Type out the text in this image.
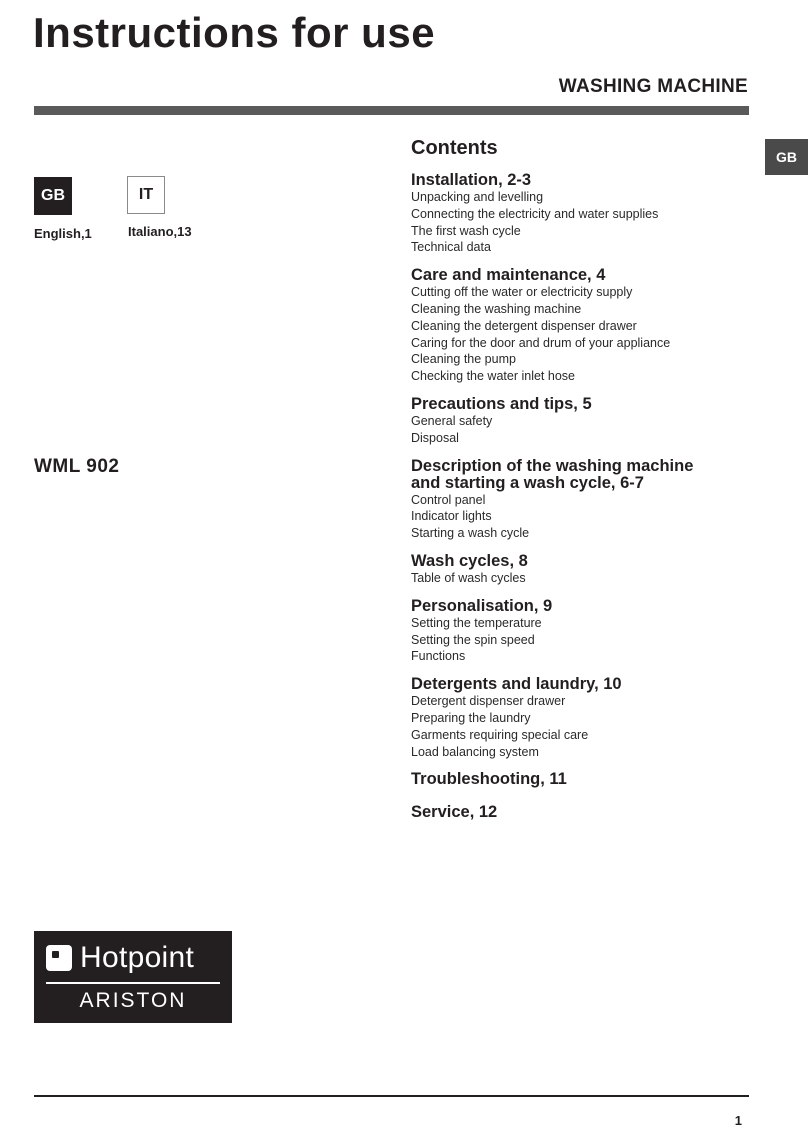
Instructions for use
WASHING MACHINE
GB
GB
English,1
IT
Italiano,13
WML 902
Contents
Installation, 2-3
Unpacking and levelling
Connecting the electricity and water supplies
The first wash cycle
Technical data
Care and maintenance, 4
Cutting off the water or electricity supply
Cleaning the washing machine
Cleaning the detergent dispenser drawer
Caring for the door and drum of your appliance
Cleaning the pump
Checking the water inlet hose
Precautions and tips, 5
General safety
Disposal
Description of the washing machine
and starting a wash cycle, 6-7
Control panel
Indicator lights
Starting a wash cycle
Wash cycles, 8
Table of wash cycles
Personalisation, 9
Setting the temperature
Setting the spin speed
Functions
Detergents and laundry, 10
Detergent dispenser drawer
Preparing the laundry
Garments requiring special care
Load balancing system
Troubleshooting, 11
Service, 12
Hotpoint
ARISTON
1
